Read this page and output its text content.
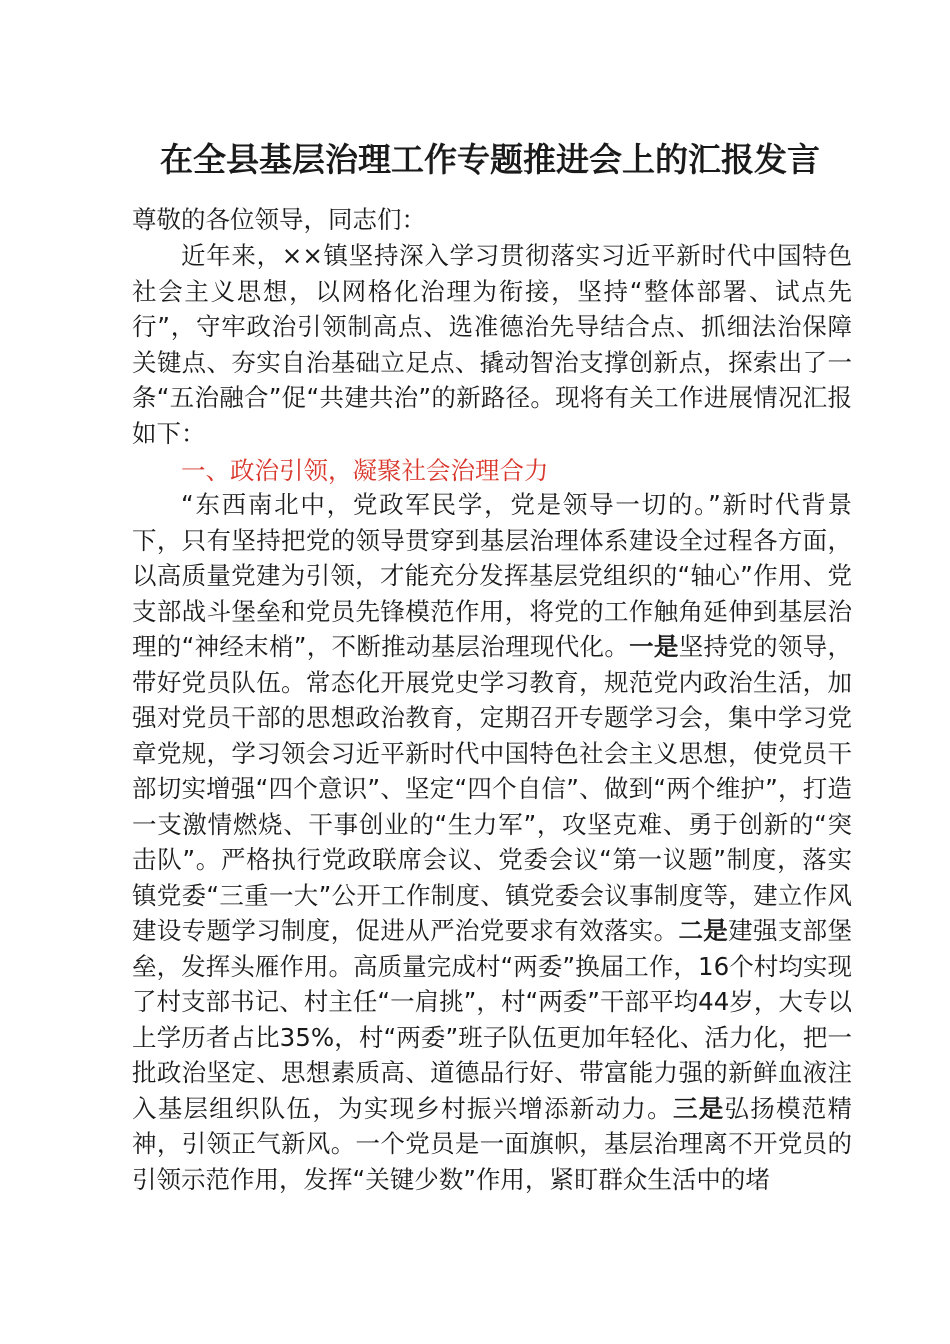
在全县基层治理工作专题推进会上的汇报发言
尊敬的各位领导，同志们：

近年来，××镇坚持深入学习贯彻落实习近平新时代中国特色社会主义思想，以网格化治理为衔接，坚持“整体部署、试点先行”，守牢政治引领制高点、选准德治先导结合点、抓细法治保障关键点、夯实自治基础立足点、撬动智治支撑创新点，探索出了一条“五治融合”促“共建共治”的新路径。现将有关工作进展情况汇报如下：

一、政治引领，凝聚社会治理合力

“东西南北中，党政军民学，党是领导一切的。”新时代背景下，只有坚持把党的领导贯穿到基层治理体系建设全过程各方面，以高质量党建为引领，才能充分发挥基层党组织的“轴心”作用、党支部战斗堡垒和党员先锋模范作用，将党的工作触角延伸到基层治理的“神经末梢”，不断推动基层治理现代化。一是坚持党的领导，带好党员队伍。常态化开展党史学习教育，规范党内政治生活，加强对党员干部的思想政治教育，定期召开专题学习会，集中学习党章党规，学习领会习近平新时代中国特色社会主义思想，使党员干部切实增强“四个意识”、坚定“四个自信”、做到“两个维护”，打造一支激情燃烧、干事创业的“生力军”，攻坚克难、勇于创新的“突击队”。严格执行党政联席会议、党委会议“第一议题”制度，落实镇党委“三重一大”公开工作制度、镇党委会议事制度等，建立作风建设专题学习制度，促进从严治党要求有效落实。二是建强支部堡垒，发挥头雁作用。高质量完成村“两委”换届工作，16个村均实现了村支部书记、村主任“一肩挑”，村“两委”干部平均44岁，大专以上学历者占比35%，村“两委”班子队伍更加年轻化、活力化，把一批政治坚定、思想素质高、道德品行好、带富能力强的新鲜血液注入基层组织队伍，为实现乡村振兴增添新动力。三是弘扬模范精神，引领正气新风。一个党员是一面旗帜，基层治理离不开党员的引领示范作用，发挥“关键少数”作用，紧盯群众生活中的堵
